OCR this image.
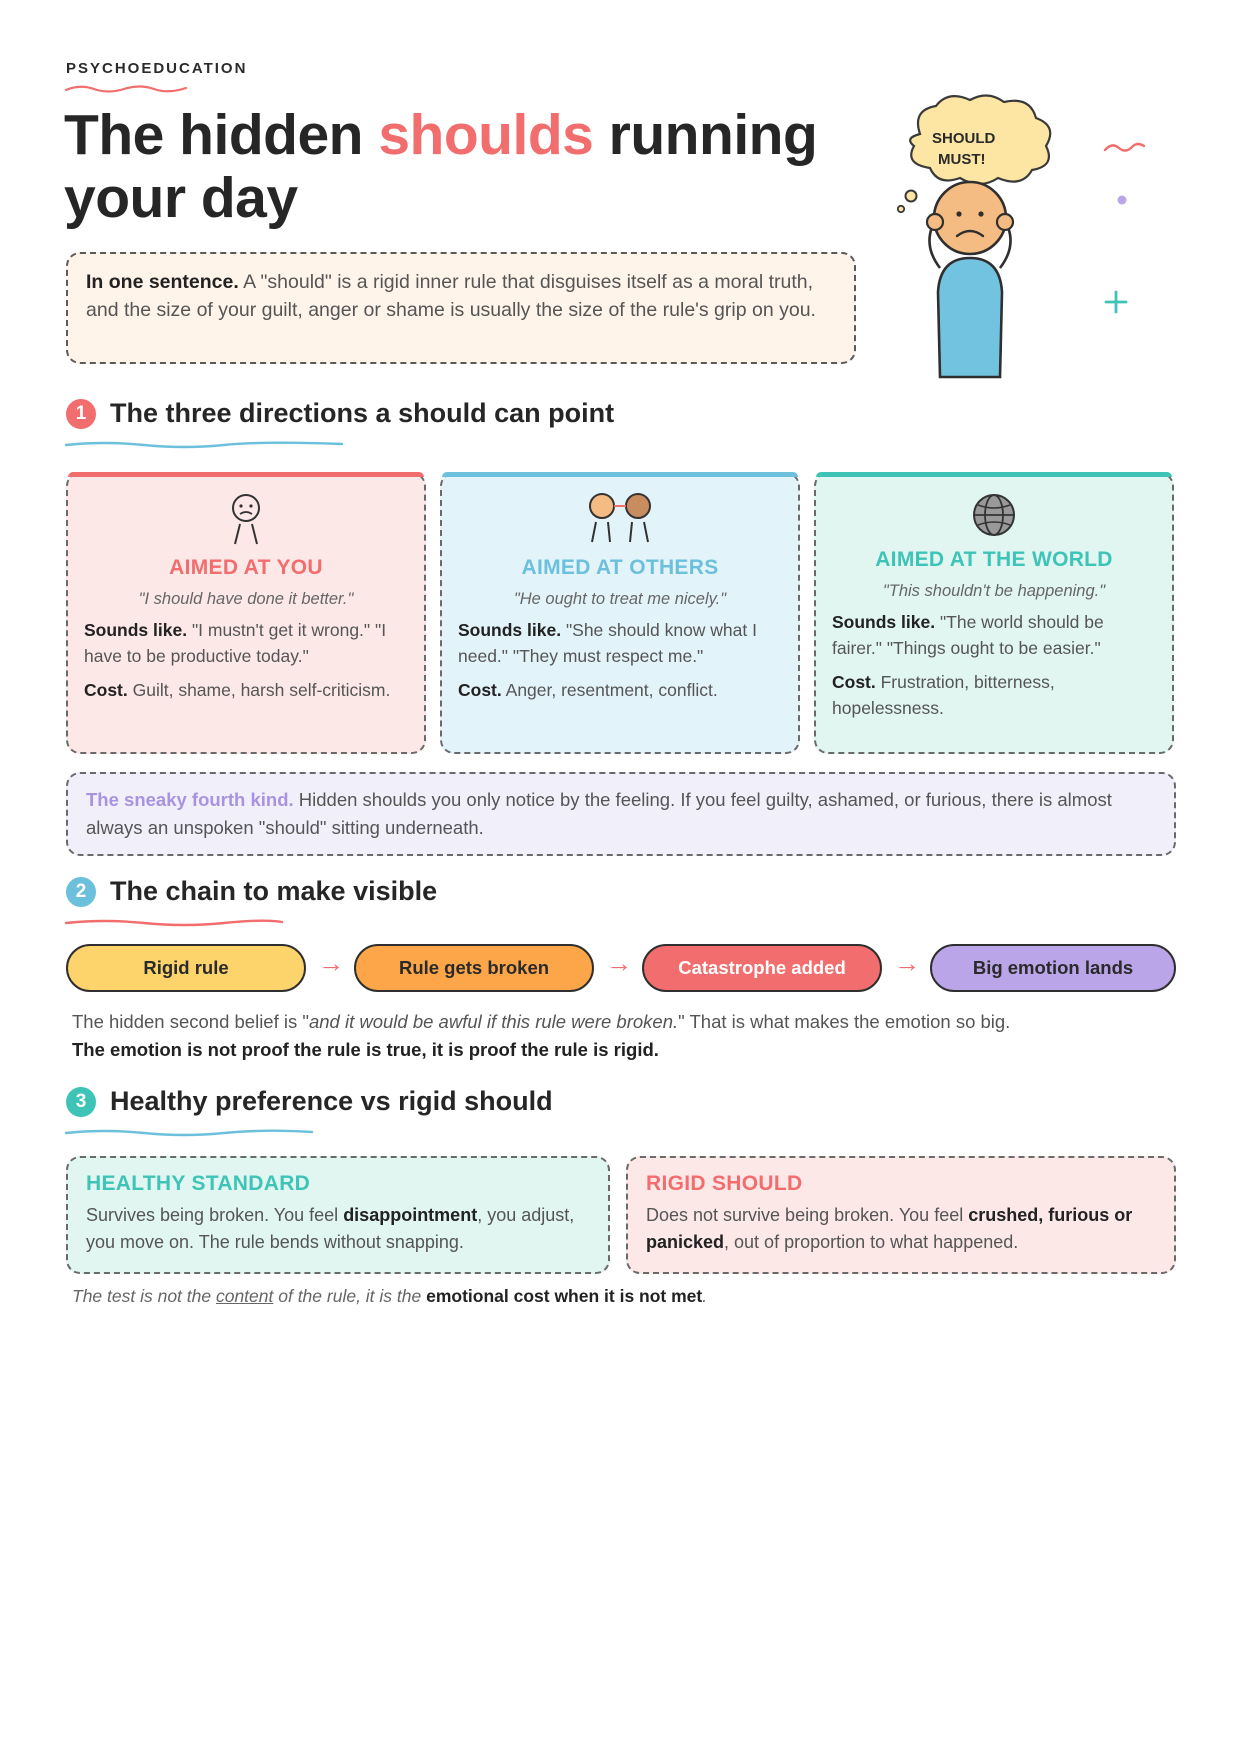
PSYCHOEDUCATION
The hidden shoulds running your day
In one sentence. A "should" is a rigid inner rule that disguises itself as a moral truth, and the size of your guilt, anger or shame is usually the size of the rule's grip on you.
SHOULD
MUST!
1 The three directions a should can point
AIMED AT YOU
"I should have done it better."

Sounds like. "I mustn't get it wrong." "I have to be productive today."

Cost. Guilt, shame, harsh self-criticism.

AIMED AT OTHERS
"He ought to treat me nicely."

Sounds like. "She should know what I need." "They must respect me."

Cost. Anger, resentment, conflict.

AIMED AT THE WORLD
"This shouldn't be happening."

Sounds like. "The world should be fairer." "Things ought to be easier."

Cost. Frustration, bitterness, hopelessness.

The sneaky fourth kind. Hidden shoulds you only notice by the feeling. If you feel guilty, ashamed, or furious, there is almost always an unspoken "should" sitting underneath.
2 The chain to make visible
Rigid rule	→	Rule gets broken	→	Catastrophe added	→	Big emotion lands
The hidden second belief is "and it would be awful if this rule were broken." That is what makes the emotion so big.
The emotion is not proof the rule is true, it is proof the rule is rigid.
3 Healthy preference vs rigid should
HEALTHY STANDARD

Survives being broken. You feel disappointment, you adjust, you move on. The rule bends without snapping.

RIGID SHOULD

Does not survive being broken. You feel crushed, furious or panicked, out of proportion to what happened.

The test is not the content of the rule, it is the emotional cost when it is not met.
